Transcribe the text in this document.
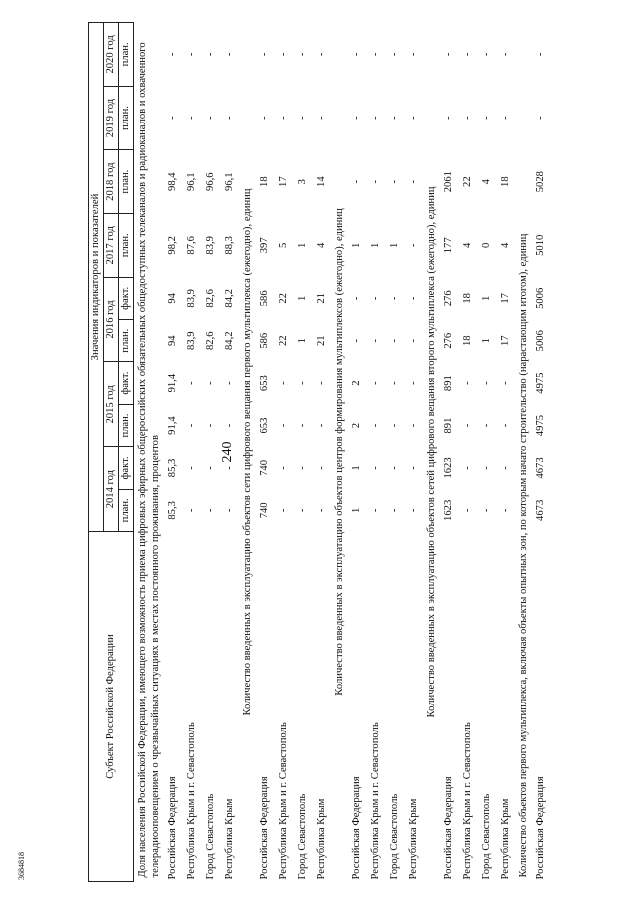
240
3684818
Субъект Российской Федерации	Значения индикаторов и показателей									
	2014 год		2015 год		2016 год		2017 год	2018 год	2019 год	2020 год
	план.	факт.	план.	факт.	план.	факт.	план.	план.	план.	план.
Доля населения Российской Федерации, имеющего возможность приема цифровых эфирных общероссийских обязательных общедоступных телеканалов и радиоканалов и охваченного телерадиооповещением о чрезвычайных ситуациях в местах постоянного проживания, процентов										
Российская Федерация	85,3	85,3	91,4	91,4	94	94	98,2	98,4	-	-
Республика Крым и г. Севастополь	-	-	-	-	83,9	83,9	87,6	96,1	-	-
Город Севастополь	-	-	-	-	82,6	82,6	83,9	96,6	-	-
Республика Крым	-	-	-	-	84,2	84,2	88,3	96,1	-	-
Количество введенных в эксплуатацию объектов сети цифрового вещания первого мультиплекса (ежегодно), единиц										
Российская Федерация	740	740	653	653	586	586	397	18	-	-
Республика Крым и г. Севастополь	-	-	-	-	22	22	5	17	-	-
Город Севастополь	-	-	-	-	1	1	1	3	-	-
Республика Крым	-	-	-	-	21	21	4	14	-	-
Количество введенных в эксплуатацию объектов центров формирования мультиплексов (ежегодно), единиц										
Российская Федерация	1	1	2	2	-	-	1	-	-	-
Республика Крым и г. Севастополь	-	-	-	-	-	-	1	-	-	-
Город Севастополь	-	-	-	-	-	-	1	-	-	-
Республика Крым	-	-	-	-	-	-	-	-	-	-
Количество введенных в эксплуатацию объектов сетей цифрового вещания второго мультиплекса (ежегодно), единиц										
Российская Федерация	1623	1623	891	891	276	276	177	2061	-	-
Республика Крым и г. Севастополь	-	-	-	-	18	18	4	22	-	-
Город Севастополь	-	-	-	-	1	1	0	4	-	-
Республика Крым	-	-	-	-	17	17	4	18	-	-
Количество объектов первого мультиплекса, включая объекты опытных зон, по которым начато строительство (нарастающим итогом), единиц										
Российская Федерация	4673	4673	4975	4975	5006	5006	5010	5028	-	-
